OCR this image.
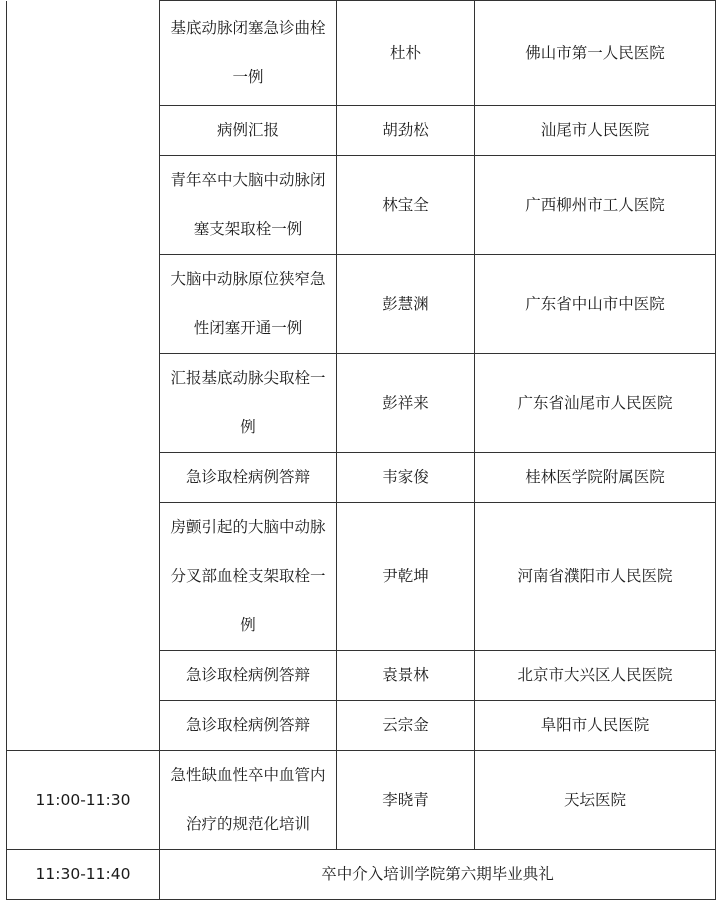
	基底动脉闭塞急诊曲栓一例	杜朴	佛山市第一人民医院
	病例汇报	胡劲松	汕尾市人民医院
	青年卒中大脑中动脉闭塞支架取栓一例	林宝全	广西柳州市工人医院
	大脑中动脉原位狭窄急性闭塞开通一例	彭慧渊	广东省中山市中医院
	汇报基底动脉尖取栓一例	彭祥来	广东省汕尾市人民医院
	急诊取栓病例答辩	韦家俊	桂林医学院附属医院
	房颤引起的大脑中动脉分叉部血栓支架取栓一例	尹乾坤	河南省濮阳市人民医院
	急诊取栓病例答辩	袁景林	北京市大兴区人民医院
	急诊取栓病例答辩	云宗金	阜阳市人民医院
11:00-11:30	急性缺血性卒中血管内治疗的规范化培训	李晓青	天坛医院
11:30-11:40	卒中介入培训学院第六期毕业典礼		
